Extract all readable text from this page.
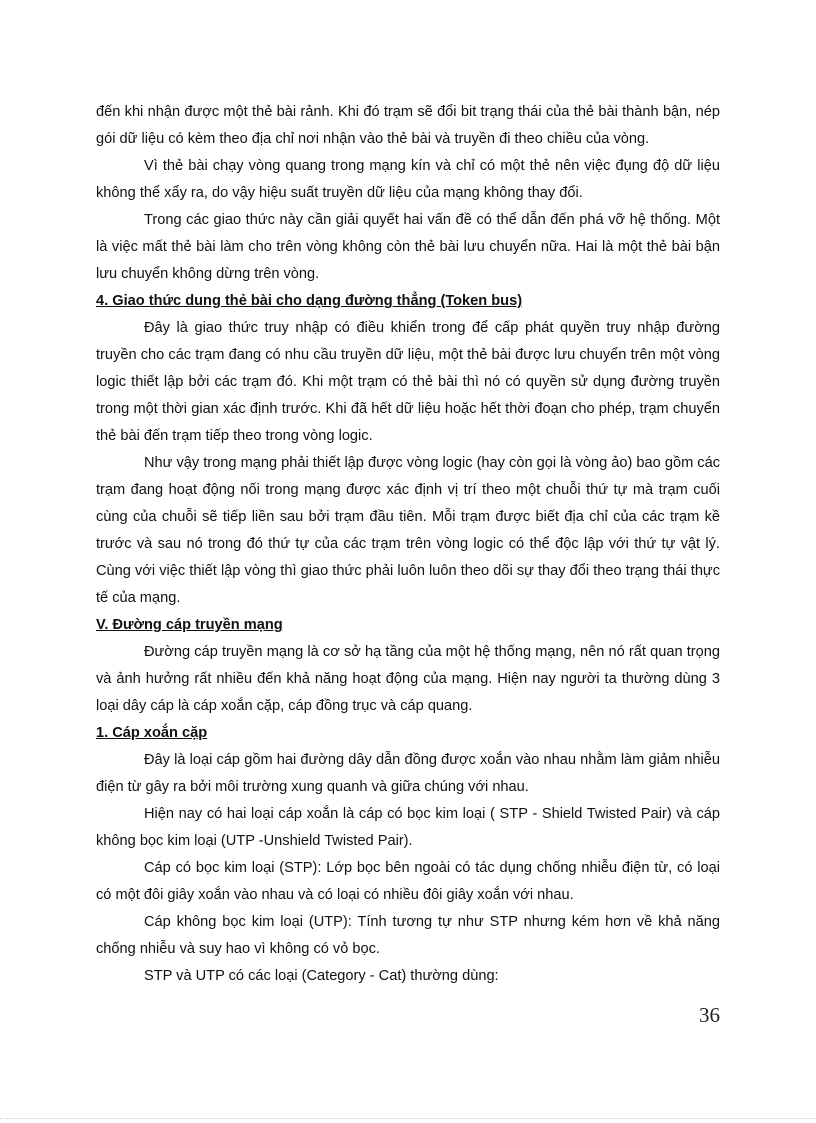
đến khi nhận được một thẻ bài rảnh. Khi đó trạm sẽ đổi bit trạng thái của thẻ bài thành bận, nép gói dữ liệu có kèm theo địa chỉ nơi nhận vào thẻ bài và truyền đi theo chiều của vòng.

Vì thẻ bài chạy vòng quang trong mạng kín và chỉ có một thẻ nên việc đụng độ dữ liệu không thể xẩy ra, do vậy hiệu suất truyền dữ liệu của mạng không thay đổi.

Trong các giao thức này cần giải quyết hai vấn đề có thể dẫn đến phá vỡ hệ thống. Một là việc mất thẻ bài làm cho trên vòng không còn thẻ bài lưu chuyển nữa. Hai là một thẻ bài bận lưu chuyển không dừng trên vòng.

4. Giao thức dung thẻ bài cho dạng đường thẳng (Token bus)

Đây là giao thức truy nhập có điều khiển trong để cấp phát quyền truy nhập đường truyền cho các trạm đang có nhu cầu truyền dữ liệu, một thẻ bài được lưu chuyển trên một vòng logic thiết lập bởi các trạm đó. Khi một trạm có thẻ bài thì nó có quyền sử dụng đường truyền trong một thời gian xác định trước. Khi đã hết dữ liệu hoặc hết thời đoạn cho phép, trạm chuyển thẻ bài đến trạm tiếp theo trong vòng logic.

Như vậy trong mạng phải thiết lập được vòng logic (hay còn gọi là vòng ảo) bao gồm các trạm đang hoạt động nối trong mạng được xác định vị trí theo một chuỗi thứ tự mà trạm cuối cùng của chuỗi sẽ tiếp liền sau bởi trạm đầu tiên. Mỗi trạm được biết địa chỉ của các trạm kề trước và sau nó trong đó thứ tự của các trạm trên vòng logic có thể độc lập với thứ tự vật lý. Cùng với việc thiết lập vòng thì giao thức phải luôn luôn theo dõi sự thay đổi theo trạng thái thực tế của mạng.

V. Đường cáp truyền mạng

Đường cáp truyền mạng là cơ sở hạ tầng của một hệ thống mạng, nên nó rất quan trọng và ảnh hưởng rất nhiều đến khả năng hoạt động của mạng. Hiện nay người ta thường dùng 3 loại dây cáp là cáp xoắn cặp, cáp đồng trục và cáp quang.

1. Cáp xoắn cặp

Đây là loại cáp gồm hai đường dây dẫn đồng được xoắn vào nhau nhằm làm giảm nhiễu điện từ gây ra bởi môi trường xung quanh và giữa chúng với nhau.

Hiện nay có hai loại cáp xoắn là cáp có bọc kim loại ( STP - Shield Twisted Pair) và cáp không bọc kim loại (UTP -Unshield Twisted Pair).

Cáp có bọc kim loại (STP): Lớp bọc bên ngoài có tác dụng chống nhiễu điện từ, có loại có một đôi giây xoắn vào nhau và có loại có nhiều đôi giây xoắn với nhau.

Cáp không bọc kim loại (UTP): Tính tương tự như STP nhưng kém hơn về khả năng chống nhiễu và suy hao vì không có vỏ bọc.

STP và UTP có các loại (Category - Cat) thường dùng:

36
